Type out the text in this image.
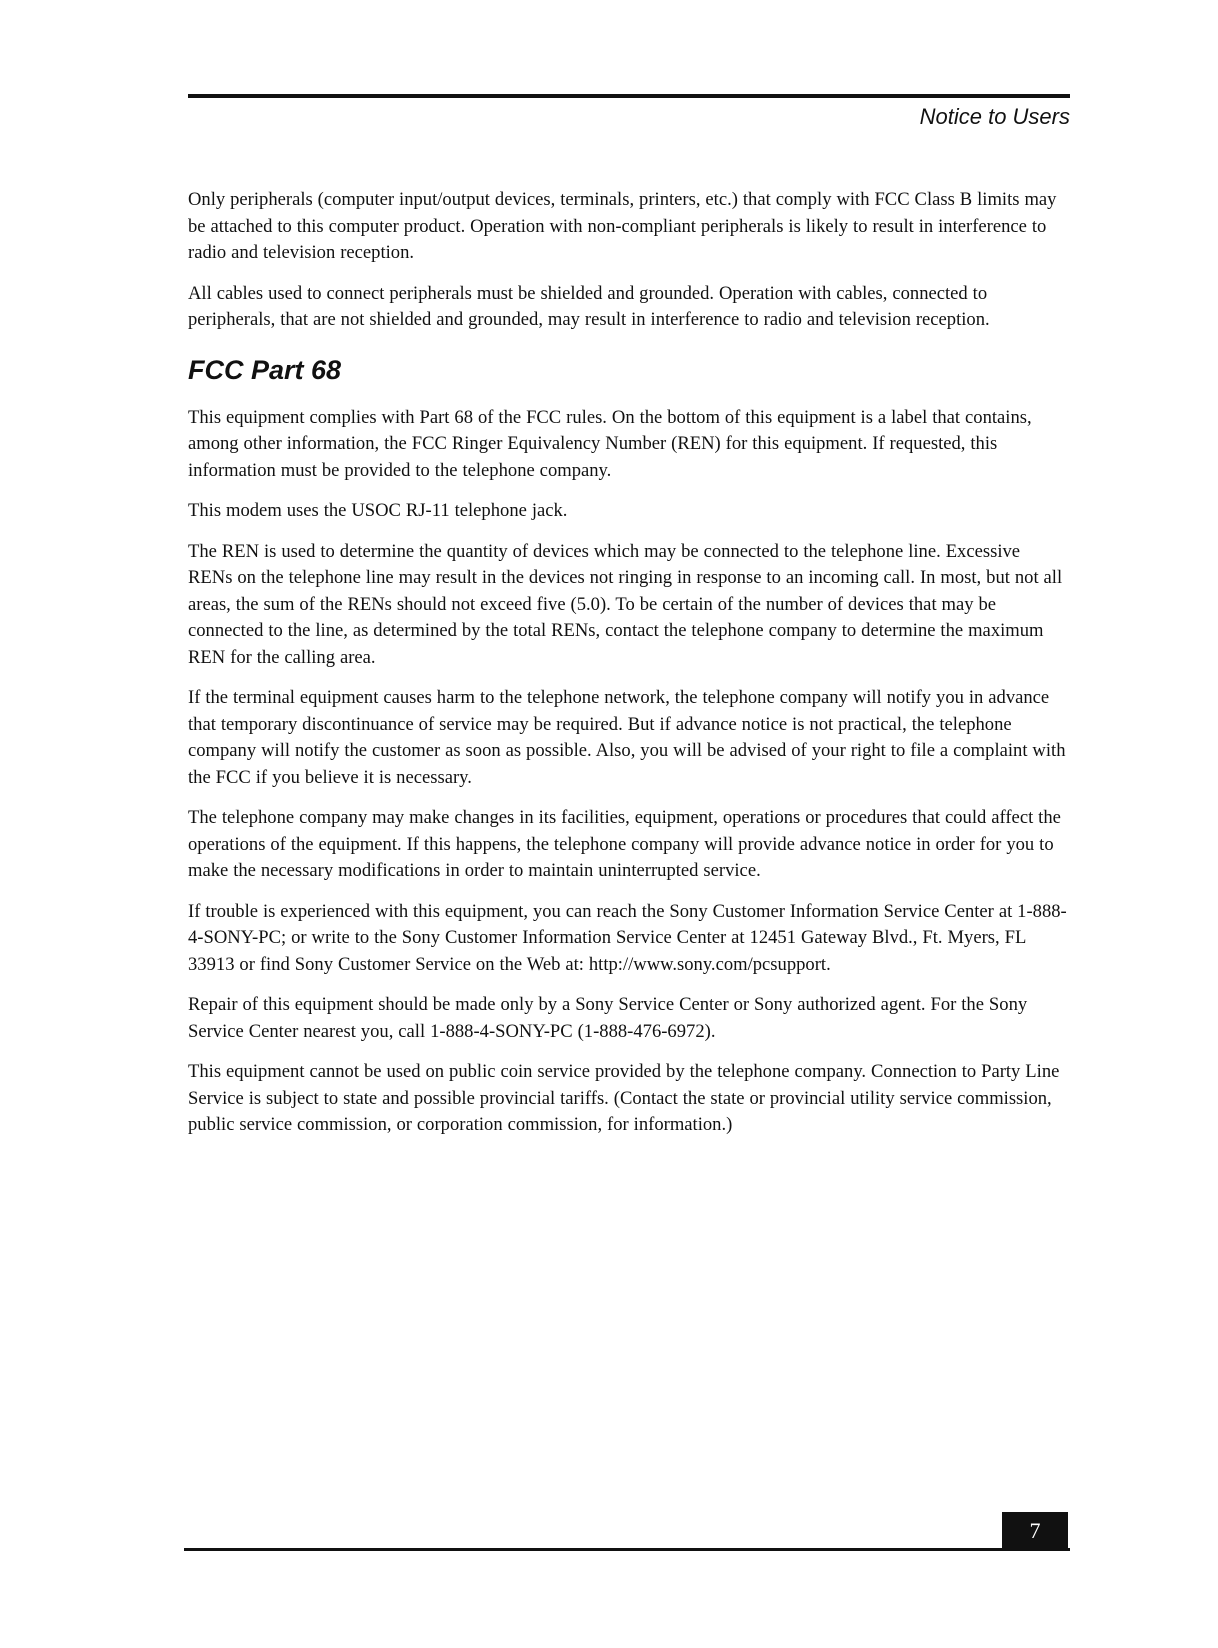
Notice to Users

Only peripherals (computer input/output devices, terminals, printers, etc.) that comply with FCC Class B limits may be attached to this computer product. Operation with non-compliant peripherals is likely to result in interference to radio and television reception.

All cables used to connect peripherals must be shielded and grounded. Operation with cables, connected to peripherals, that are not shielded and grounded, may result in interference to radio and television reception.

FCC Part 68

This equipment complies with Part 68 of the FCC rules. On the bottom of this equipment is a label that contains, among other information, the FCC Ringer Equivalency Number (REN) for this equipment. If requested, this information must be provided to the telephone company.

This modem uses the USOC RJ-11 telephone jack.

The REN is used to determine the quantity of devices which may be connected to the telephone line. Excessive RENs on the telephone line may result in the devices not ringing in response to an incoming call. In most, but not all areas, the sum of the RENs should not exceed five (5.0). To be certain of the number of devices that may be connected to the line, as determined by the total RENs, contact the telephone company to determine the maximum REN for the calling area.

If the terminal equipment causes harm to the telephone network, the telephone company will notify you in advance that temporary discontinuance of service may be required. But if advance notice is not practical, the telephone company will notify the customer as soon as possible. Also, you will be advised of your right to file a complaint with the FCC if you believe it is necessary.

The telephone company may make changes in its facilities, equipment, operations or procedures that could affect the operations of the equipment. If this happens, the telephone company will provide advance notice in order for you to make the necessary modifications in order to maintain uninterrupted service.

If trouble is experienced with this equipment, you can reach the Sony Customer Information Service Center at 1-888-4-SONY-PC; or write to the Sony Customer Information Service Center at 12451 Gateway Blvd., Ft. Myers, FL 33913 or find Sony Customer Service on the Web at: http://www.sony.com/pcsupport.

Repair of this equipment should be made only by a Sony Service Center or Sony authorized agent. For the Sony Service Center nearest you, call 1-888-4-SONY-PC (1-888-476-6972).

This equipment cannot be used on public coin service provided by the telephone company. Connection to Party Line Service is subject to state and possible provincial tariffs. (Contact the state or provincial utility service commission, public service commission, or corporation commission, for information.)

7
